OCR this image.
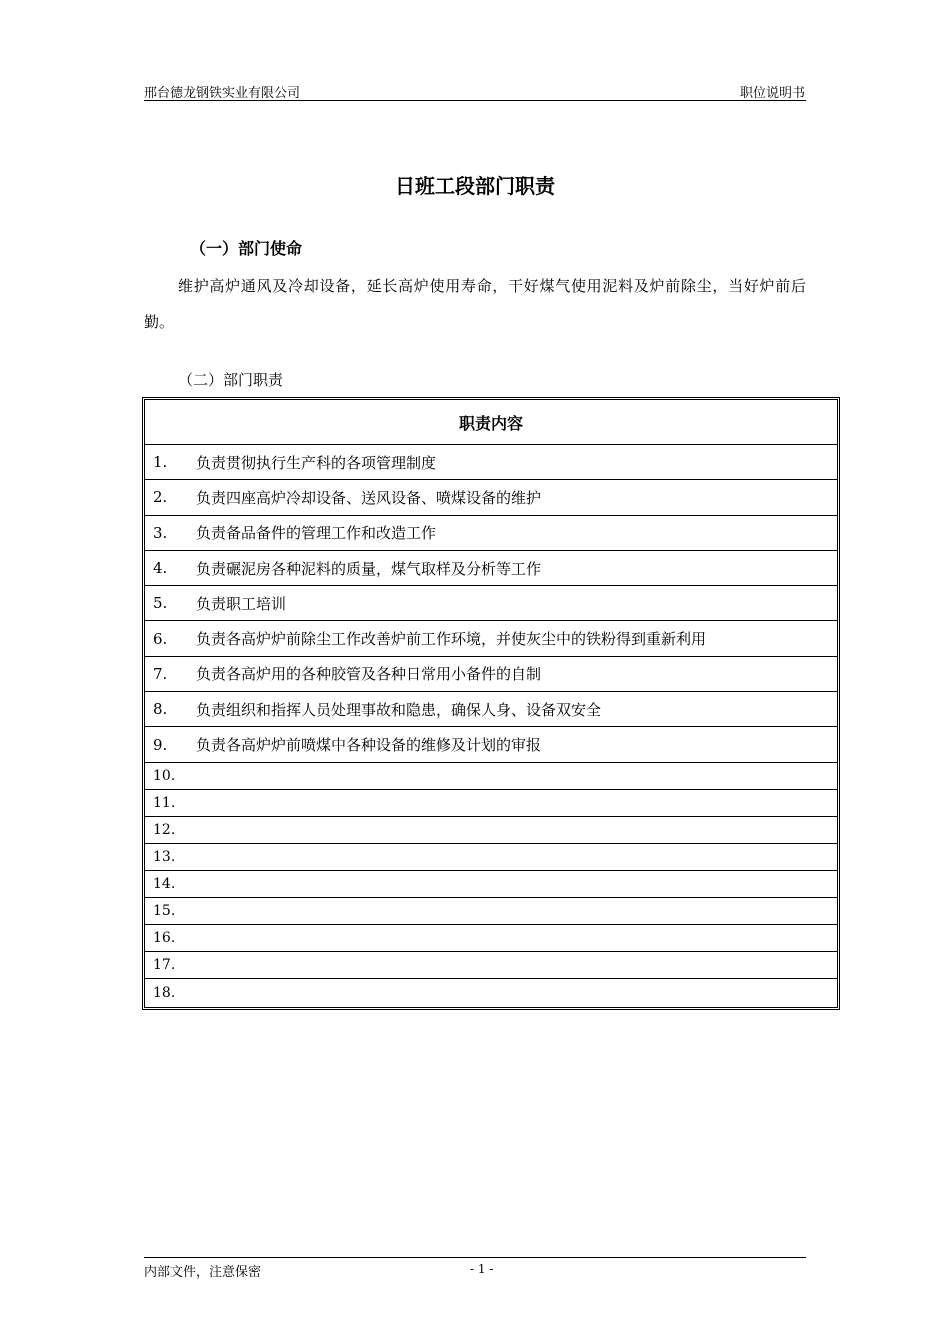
邢台德龙钢铁实业有限公司	职位说明书
日班工段部门职责
（一）部门使命
维护高炉通风及冷却设备，延长高炉使用寿命，干好煤气使用泥料及炉前除尘，当好炉前后勤。
（二）部门职责
职责内容
1.	负责贯彻执行生产科的各项管理制度
2.	负责四座高炉冷却设备、送风设备、喷煤设备的维护
3.	负责备品备件的管理工作和改造工作
4.	负责碾泥房各种泥料的质量，煤气取样及分析等工作
5.	负责职工培训
6.	负责各高炉炉前除尘工作改善炉前工作环境，并使灰尘中的铁粉得到重新利用
7.	负责各高炉用的各种胶管及各种日常用小备件的自制
8.	负责组织和指挥人员处理事故和隐患，确保人身、设备双安全
9.	负责各高炉炉前喷煤中各种设备的维修及计划的审报
10.
11.
12.
13.
14.
15.
16.
17.
18.
内部文件，注意保密	- 1 -
